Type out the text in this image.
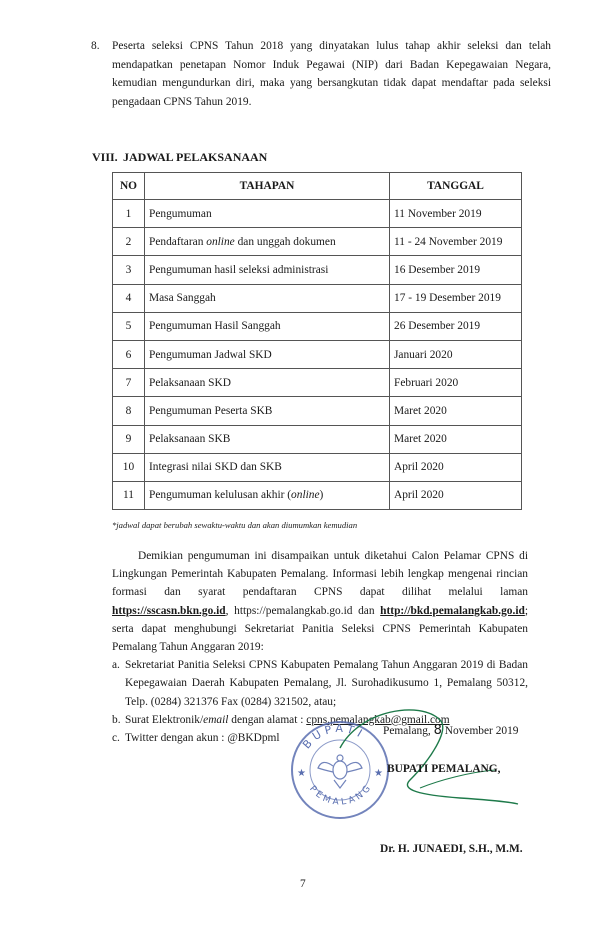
8. Peserta seleksi CPNS Tahun 2018 yang dinyatakan lulus tahap akhir seleksi dan telah mendapatkan penetapan Nomor Induk Pegawai (NIP) dari Badan Kepegawaian Negara, kemudian mengundurkan diri, maka yang bersangkutan tidak dapat mendaftar pada seleksi pengadaan CPNS Tahun 2019.
VIII. JADWAL PELAKSANAAN
NO	TAHAPAN	TANGGAL
1	Pengumuman	11 November 2019
2	Pendaftaran online dan unggah dokumen	11 - 24 November 2019
3	Pengumuman hasil seleksi administrasi	16 Desember 2019
4	Masa Sanggah	17 - 19 Desember 2019
5	Pengumuman Hasil Sanggah	26 Desember 2019
6	Pengumuman Jadwal SKD	Januari 2020
7	Pelaksanaan SKD	Februari 2020
8	Pengumuman Peserta SKB	Maret 2020
9	Pelaksanaan SKB	Maret 2020
10	Integrasi nilai SKD dan SKB	April 2020
11	Pengumuman kelulusan akhir (online)	April 2020
*jadwal dapat berubah sewaktu-waktu dan akan diumumkan kemudian

Demikian pengumuman ini disampaikan untuk diketahui Calon Pelamar CPNS di Lingkungan Pemerintah Kabupaten Pemalang. Informasi lebih lengkap mengenai rincian formasi dan syarat pendaftaran CPNS dapat dilihat melalui laman https://sscasn.bkn.go.id, https://pemalangkab.go.id dan http://bkd.pemalangkab.go.id; serta dapat menghubungi Sekretariat Panitia Seleksi CPNS Pemerintah Kabupaten Pemalang Tahun Anggaran 2019:

a. Sekretariat Panitia Seleksi CPNS Kabupaten Pemalang Tahun Anggaran 2019 di Badan Kepegawaian Daerah Kabupaten Pemalang, Jl. Surohadikusumo 1, Pemalang 50312, Telp. (0284) 321376 Fax (0284) 321502, atau;

b. Surat Elektronik/email dengan alamat : cpns.pemalangkab@gmail.com

c. Twitter dengan akun : @BKDpml	BUPATI
PEMALANG
★	★
Pemalang, 8 November 2019
BUPATI PEMALANG,
Dr. H. JUNAEDI, S.H., M.M.
7
